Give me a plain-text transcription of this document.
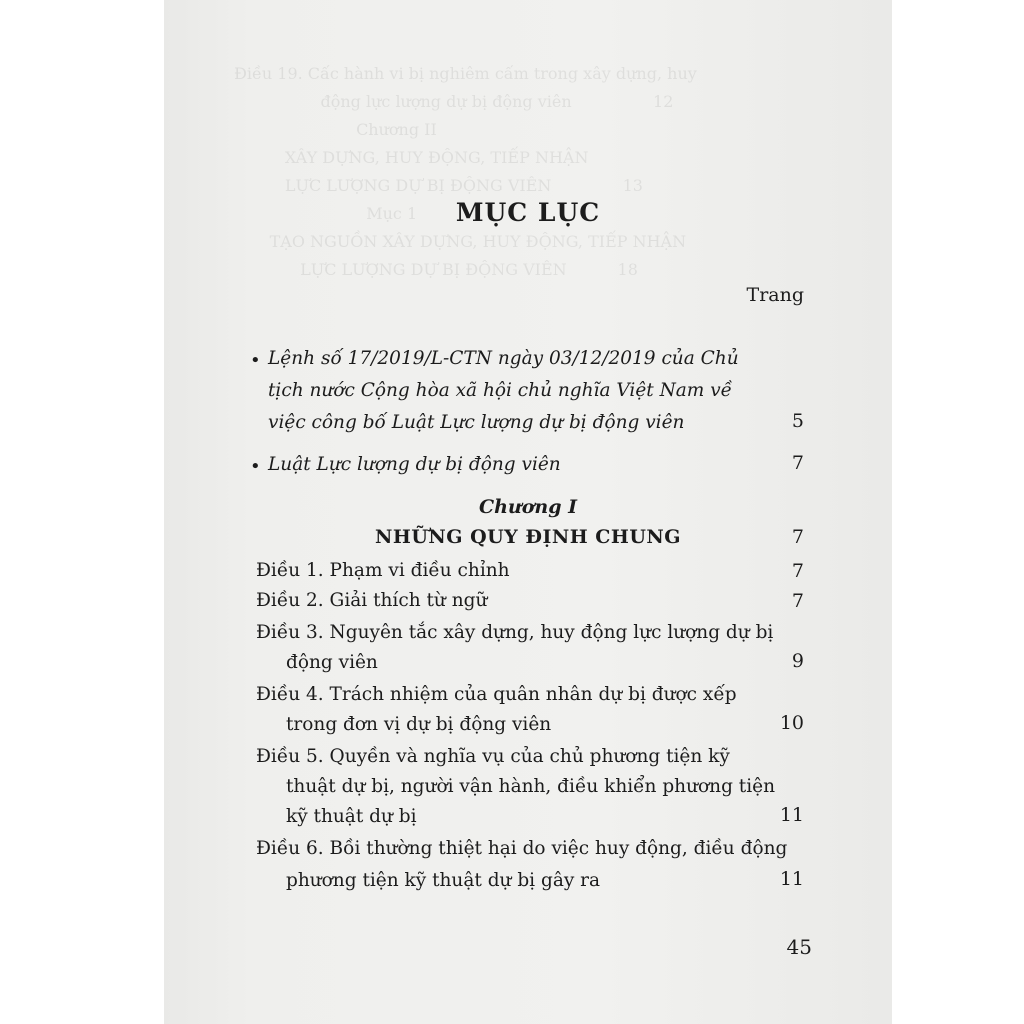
Điều 19. Cấc hành vi bị nghiêm cấm trong xây dựng, huy
động lực lượng dự bị động viên                12
Chương II
XÂY DỰNG, HUY ĐỘNG, TIẾP NHẬN
LỰC LƯỢNG DỰ BỊ ĐỘNG VIÊN              13
Mục 1
TẠO NGUỒN XÂY DỰNG, HUY ĐỘNG, TIẾP NHẬN
LỰC LƯỢNG DỰ BỊ ĐỘNG VIÊN          18
MỤC LỤC
Trang
• Lệnh số 17/2019/L-CTN ngày 03/12/2019 của Chủ
tịch nước Cộng hòa xã hội chủ nghĩa Việt Nam về
việc công bố Luật Lực lượng dự bị động viên	5
• Luật Lực lượng dự bị động viên	7
Chương I
NHỮNG QUY ĐỊNH CHUNG	7
Điều 1. Phạm vi điều chỉnh	7
Điều 2. Giải thích từ ngữ	7
Điều 3. Nguyên tắc xây dựng, huy động lực lượng dự bị
động viên	9
Điều 4. Trách nhiệm của quân nhân dự bị được xếp
trong đơn vị dự bị động viên	10
Điều 5. Quyền và nghĩa vụ của chủ phương tiện kỹ
thuật dự bị, người vận hành, điều khiển phương tiện
kỹ thuật dự bị	11
Điều 6. Bồi thường thiệt hại do việc huy động, điều động
phương tiện kỹ thuật dự bị gây ra	11
45
